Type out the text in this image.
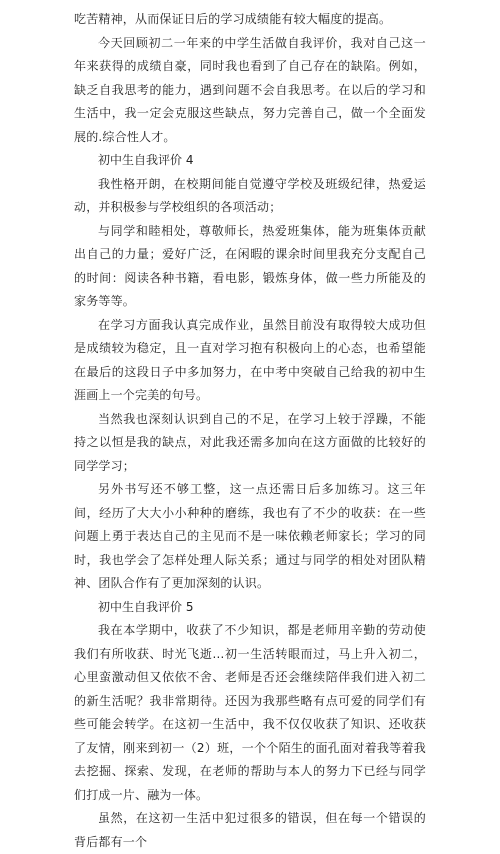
吃苦精神，从而保证日后的学习成绩能有较大幅度的提高。

今天回顾初二一年来的中学生活做自我评价，我对自己这一年来获得的成绩自豪，同时我也看到了自己存在的缺陷。例如，缺乏自我思考的能力，遇到问题不会自我思考。在以后的学习和生活中，我一定会克服这些缺点，努力完善自己，做一个全面发展的.综合性人才。

初中生自我评价 4

我性格开朗，在校期间能自觉遵守学校及班级纪律，热爱运动，并积极参与学校组织的各项活动；

与同学和睦相处，尊敬师长，热爱班集体，能为班集体贡献出自己的力量；爱好广泛，在闲暇的课余时间里我充分支配自己的时间：阅读各种书籍，看电影，锻炼身体，做一些力所能及的家务等等。

在学习方面我认真完成作业，虽然目前没有取得较大成功但是成绩较为稳定，且一直对学习抱有积极向上的心态，也希望能在最后的这段日子中多加努力，在中考中突破自己给我的初中生涯画上一个完美的句号。

当然我也深刻认识到自己的不足，在学习上较于浮躁，不能持之以恒是我的缺点，对此我还需多加向在这方面做的比较好的同学学习；

另外书写还不够工整，这一点还需日后多加练习。这三年间，经历了大大小小种种的磨练，我也有了不少的收获：在一些问题上勇于表达自己的主见而不是一味依赖老师家长；学习的同时，我也学会了怎样处理人际关系；通过与同学的相处对团队精神、团队合作有了更加深刻的认识。

初中生自我评价 5

我在本学期中，收获了不少知识，都是老师用辛勤的劳动使我们有所收获、时光飞逝…初一生活转眼而过，马上升入初二，心里蛮激动但又依依不舍、老师是否还会继续陪伴我们进入初二的新生活呢？我非常期待。还因为我那些略有点可爱的同学们有些可能会转学。在这初一生活中，我不仅仅收获了知识、还收获了友情，刚来到初一（2）班，一个个陌生的面孔面对着我等着我去挖掘、探索、发现，在老师的帮助与本人的努力下已经与同学们打成一片、融为一体。

虽然，在这初一生活中犯过很多的错误，但在每一个错误的背后都有一个
